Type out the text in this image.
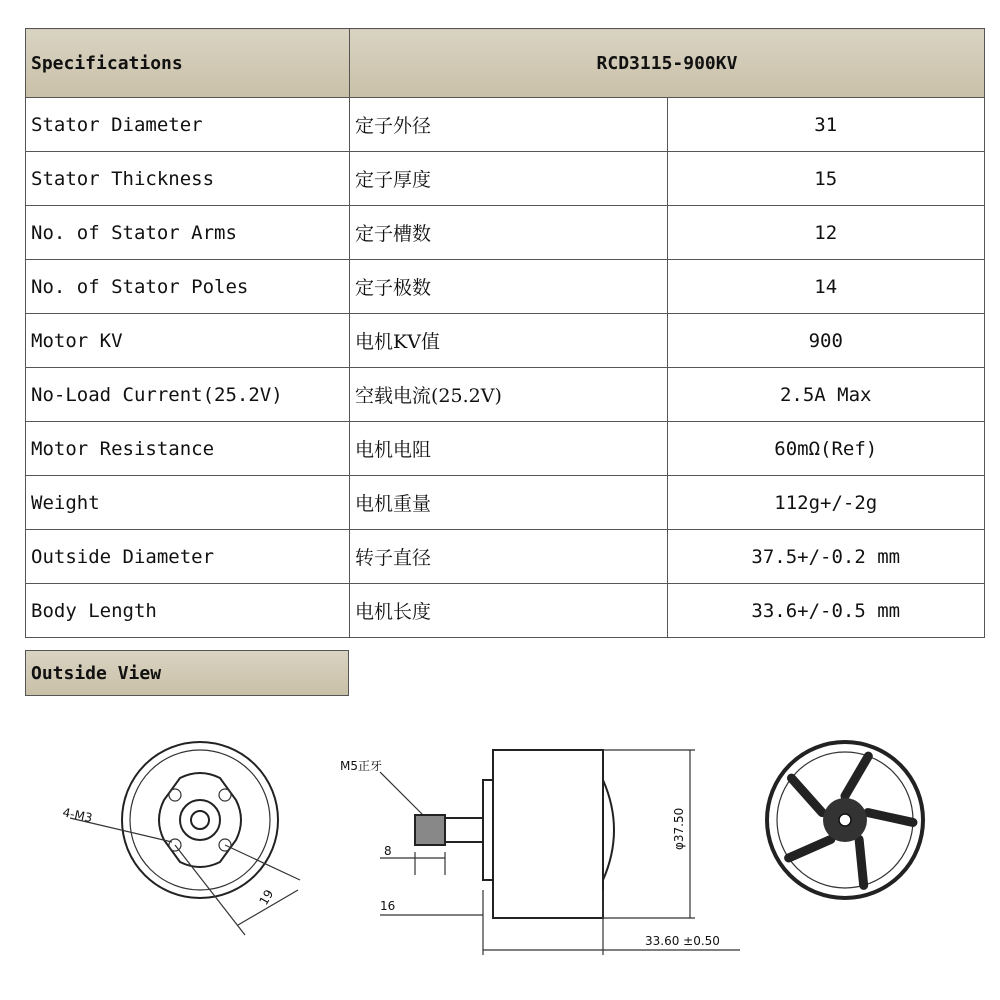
Specifications	RCD3115-900KV	
Stator Diameter	定子外径	31
Stator Thickness	定子厚度	15
No. of Stator Arms	定子槽数	12
No. of Stator Poles	定子极数	14
Motor KV	电机KV值	900
No-Load Current(25.2V)	空载电流(25.2V)	2.5A Max
Motor Resistance	电机电阻	60mΩ(Ref)
Weight	电机重量	112g+/-2g
Outside Diameter	转子直径	37.5+/-0.2 mm
Body Length	电机长度	33.6+/-0.5 mm
Outside View
4-M3
19
M5正牙
8
16
φ37.50
33.60 ±0.50
